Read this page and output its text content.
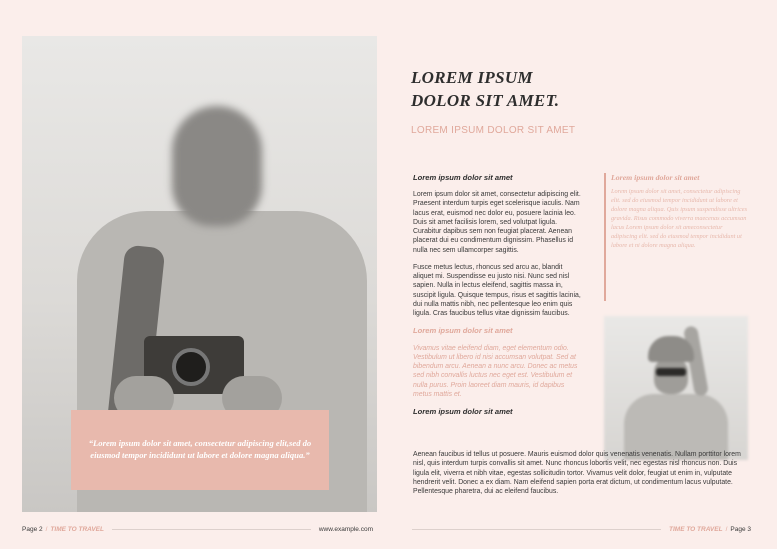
“Lorem ipsum dolor sit amet, consectetur adipiscing elit,sed do eiusmod tempor incididunt ut labore et dolore magna aliqua.”

Page 2 / TIME TO TRAVEL	www.example.com
LOREM IPSUM
DOLOR SIT AMET.
LOREM IPSUM DOLOR SIT AMET
Lorem ipsum dolor sit amet

Lorem ipsum dolor sit amet, consectetur adipiscing elit. Praesent interdum turpis eget scelerisque iaculis. Nam lacus erat, euismod nec dolor eu, posuere lacinia leo. Duis sit amet facilisis lorem, sed volutpat ligula. Curabitur dapibus sem non feugiat placerat. Aenean placerat dui eu condimentum dignissim. Phasellus id nulla nec sem ullamcorper sagittis.

Fusce metus lectus, rhoncus sed arcu ac, blandit aliquet mi. Suspendisse eu justo nisi. Nunc sed nisl sapien. Nulla in lectus eleifend, sagittis massa in, suscipit ligula. Quisque tempus, risus et sagittis lacinia, dui nulla mattis nibh, nec pellentesque leo enim quis ligula. Cras faucibus tellus vitae dignissim faucibus.

Lorem ipsum dolor sit amet

Vivamus vitae eleifend diam, eget elementum odio. Vestibulum ut libero id nisi accumsan volutpat. Sed at bibendum arcu. Aenean a nunc arcu. Donec ac metus sed nibh convallis luctus nec eget est. Vestibulum et nulla purus. Proin laoreet diam mauris, id dapibus metus mattis et.

Lorem ipsum dolor sit amet
Lorem ipsum dolor sit amet

Lorem ipsum dolor sit amet, consectetur adipiscing elit. sed do eiusmod tempor incididunt ut labore et dolore magna aliqua. Quis ipsum suspendisse ultrices gravida. Risus commodo viverra maecenas accumsan lacus Lorem ipsum dolor sit ameconsectetur adipiscing elit. sed do eiusmod tempor incididunt ut labore et ni dolore magna aliqua.

Aenean faucibus id tellus ut posuere. Mauris euismod dolor quis venenatis venenatis. Nullam porttitor lorem nisl, quis interdum turpis convallis sit amet. Nunc rhoncus lobortis velit, nec egestas nisl rhoncus non. Duis ligula elit, viverra et nibh vitae, egestas sollicitudin tortor. Vivamus velit dolor, feugiat ut enim in, vulputate hendrerit velit. Donec a ex diam. Nam eleifend sapien porta erat dictum, ut condimentum lacus vulputate. Pellentesque pharetra, dui ac eleifend faucibus.
TIME TO TRAVEL / Page 3
